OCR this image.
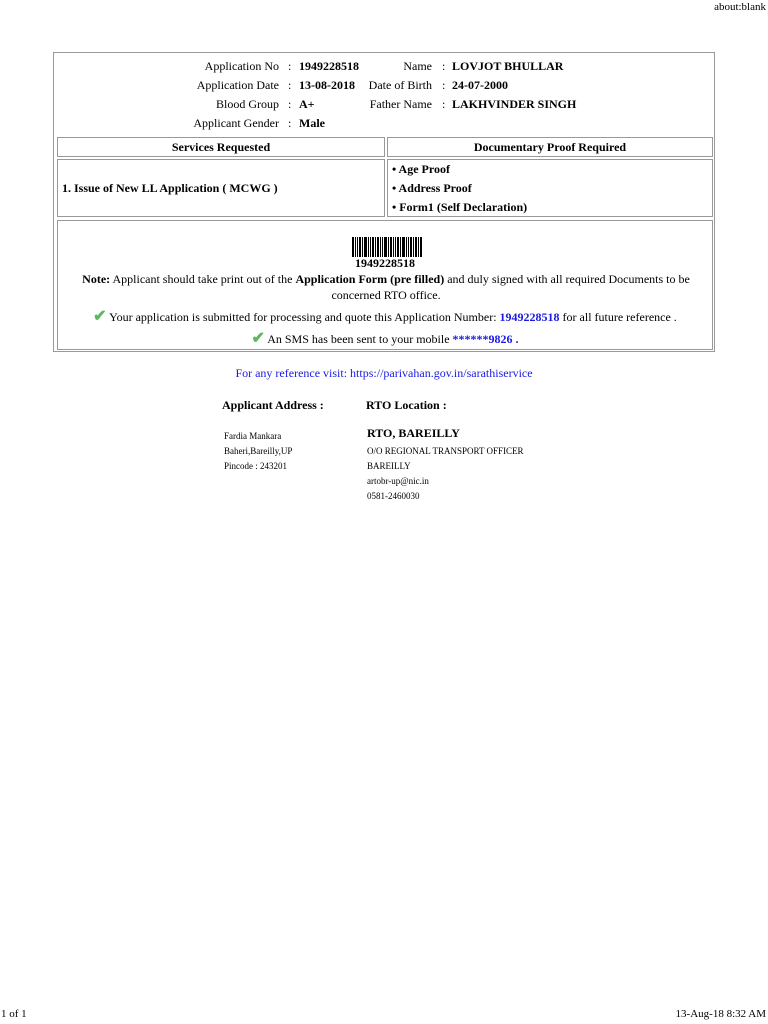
about:blank
Application No : 1949228518	Name : LOVJOT BHULLAR
Application Date : 13-08-2018	Date of Birth : 24-07-2000
Blood Group : A+	Father Name : LAKHVINDER SINGH
Applicant Gender : Male
Services Requested	Documentary Proof Required
1. Issue of New LL Application ( MCWG )
• Age Proof
• Address Proof
• Form1 (Self Declaration)
1949228518
Note: Applicant should take print out of the Application Form (pre filled) and duly signed with all required Documents to be
concerned RTO office.
✔ Your application is submitted for processing and quote this Application Number: 1949228518 for all future reference .
✔ An SMS has been sent to your mobile ******9826 .
For any reference visit: https://parivahan.gov.in/sarathiservice
Applicant Address :	RTO Location :
Fardia Mankara
Baheri,Bareilly,UP
Pincode : 243201
RTO, BAREILLY
O/O REGIONAL TRANSPORT OFFICER
BAREILLY
artobr-up@nic.in
0581-2460030
1 of 1	13-Aug-18 8:32 AM
